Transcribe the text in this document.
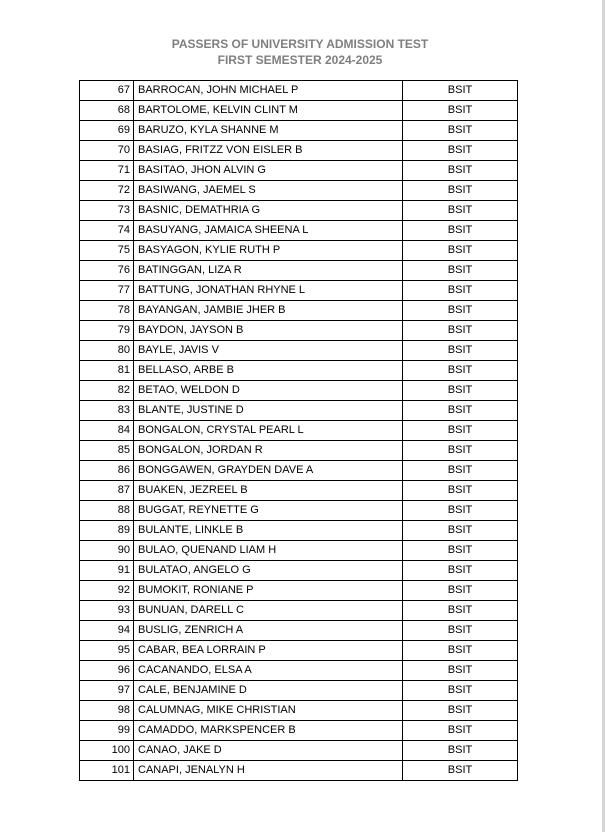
PASSERS OF UNIVERSITY ADMISSION TEST
FIRST SEMESTER 2024-2025
67	BARROCAN, JOHN MICHAEL P	BSIT
68	BARTOLOME, KELVIN CLINT M	BSIT
69	BARUZO, KYLA SHANNE M	BSIT
70	BASIAG, FRITZZ VON EISLER B	BSIT
71	BASITAO, JHON ALVIN G	BSIT
72	BASIWANG, JAEMEL S	BSIT
73	BASNIC, DEMATHRIA G	BSIT
74	BASUYANG, JAMAICA SHEENA L	BSIT
75	BASYAGON, KYLIE RUTH P	BSIT
76	BATINGGAN, LIZA R	BSIT
77	BATTUNG, JONATHAN RHYNE L	BSIT
78	BAYANGAN, JAMBIE JHER B	BSIT
79	BAYDON, JAYSON B	BSIT
80	BAYLE, JAVIS V	BSIT
81	BELLASO, ARBE B	BSIT
82	BETAO, WELDON D	BSIT
83	BLANTE, JUSTINE D	BSIT
84	BONGALON, CRYSTAL PEARL L	BSIT
85	BONGALON, JORDAN R	BSIT
86	BONGGAWEN, GRAYDEN DAVE A	BSIT
87	BUAKEN, JEZREEL B	BSIT
88	BUGGAT, REYNETTE G	BSIT
89	BULANTE, LINKLE B	BSIT
90	BULAO, QUENAND LIAM H	BSIT
91	BULATAO, ANGELO G	BSIT
92	BUMOKIT, RONIANE P	BSIT
93	BUNUAN, DARELL C	BSIT
94	BUSLIG, ZENRICH A	BSIT
95	CABAR, BEA LORRAIN P	BSIT
96	CACANANDO, ELSA A	BSIT
97	CALE, BENJAMINE D	BSIT
98	CALUMNAG, MIKE CHRISTIAN	BSIT
99	CAMADDO, MARKSPENCER B	BSIT
100	CANAO, JAKE D	BSIT
101	CANAPI, JENALYN H	BSIT
